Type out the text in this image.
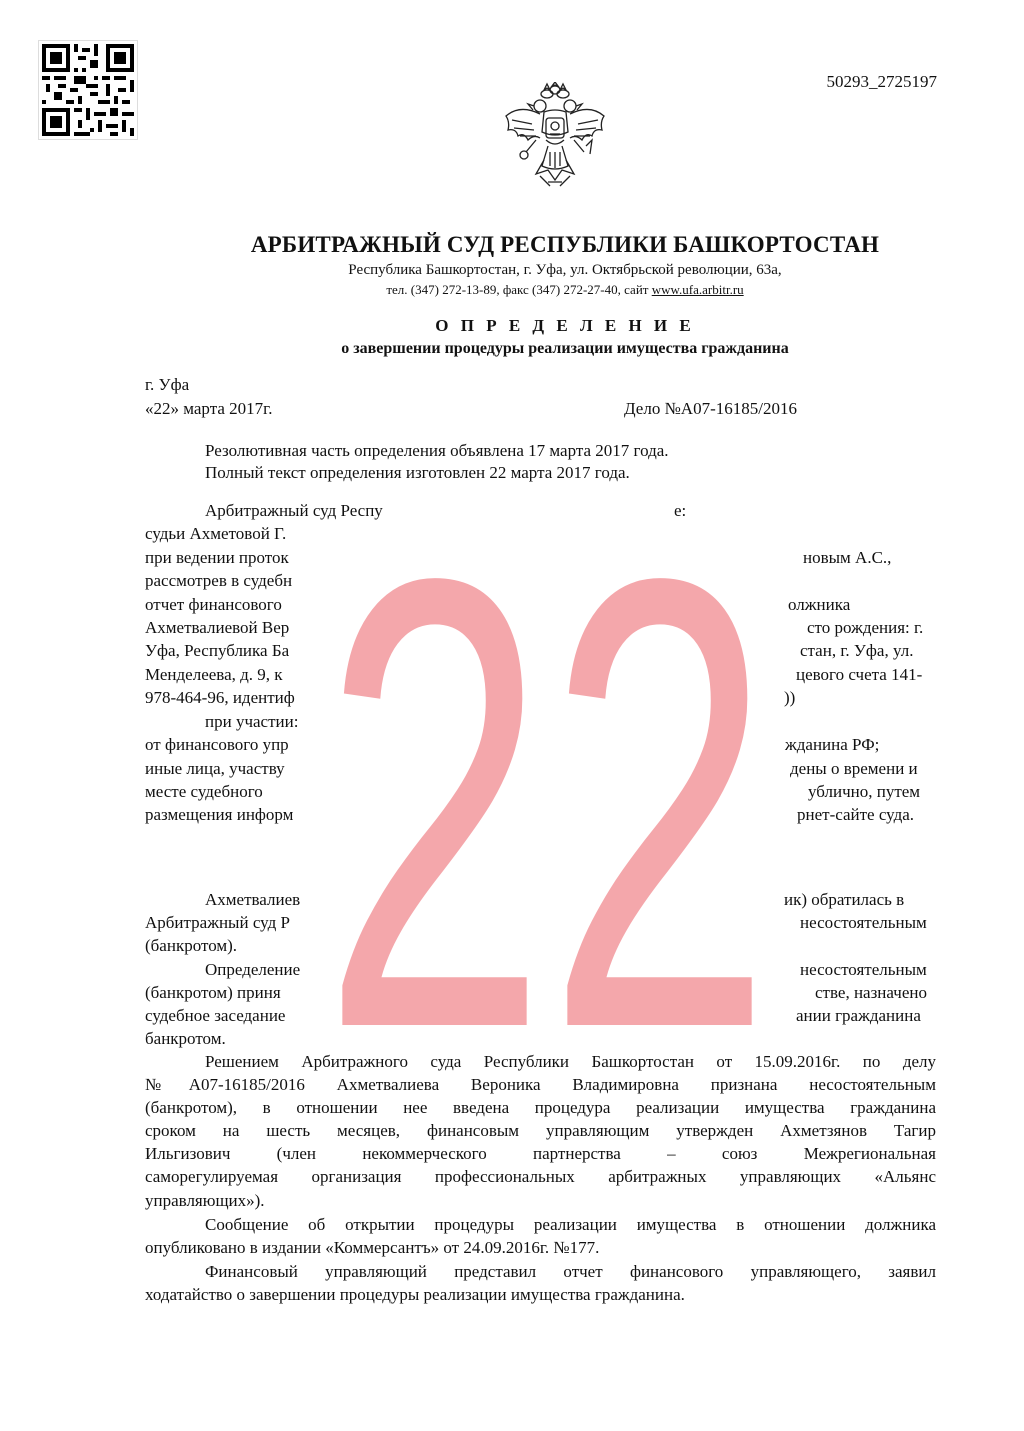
50293_2725197
АРБИТРАЖНЫЙ СУД РЕСПУБЛИКИ БАШКОРТОСТАН
Республика Башкортостан, г. Уфа, ул. Октябрьской революции, 63а,
тел. (347) 272-13-89, факс (347) 272-27-40, сайт www.ufa.arbitr.ru
О П Р Е Д Е Л Е Н И Е
о завершении процедуры реализации имущества гражданина
г. Уфа
«22» марта 2017г.	Дело №А07-16185/2016
Резолютивная часть определения объявлена 17 марта 2017 года.
Полный текст определения изготовлен 22 марта 2017 года.
Арбитражный суд Респу	е:
судьи Ахметовой Г.
при ведении проток	новым А.С.,
рассмотрев в судебн
отчет финансового	олжника
Ахметвалиевой Вер	сто рождения: г.
Уфа, Республика Ба	стан, г. Уфа, ул.
Менделеева, д. 9, к	цевого счета 141-
978-464-96, идентиф	))
при участии:
от финансового упр	жданина РФ;
иные лица, участву	дены о времени и
месте судебного	ублично, путем
размещения информ	рнет-сайте суда.
Ахметвалиев	ик) обратилась в
Арбитражный суд Р	несостоятельным
(банкротом).
Определение	несостоятельным
(банкротом) приня	стве, назначено
судебное заседание	ании гражданина
банкротом.
Решением Арбитражного суда Республики Башкортостан от 15.09.2016г. по делу
№А07-16185/2016 Ахметвалиева Вероника Владимировна признана несостоятельным
(банкротом), в отношении нее введена процедура реализации имущества гражданина
сроком на шесть месяцев, финансовым управляющим утвержден Ахметзянов Тагир
Ильгизович (член некоммерческого партнерства – союз Межрегиональная
саморегулируемая организация профессиональных арбитражных управляющих «Альянс
управляющих»).
Сообщение об открытии процедуры реализации имущества в отношении должника
опубликовано в издании «Коммерсантъ» от 24.09.2016г. №177.
Финансовый управляющий представил отчет финансового управляющего, заявил
ходатайство о завершении процедуры реализации имущества гражданина.
22
